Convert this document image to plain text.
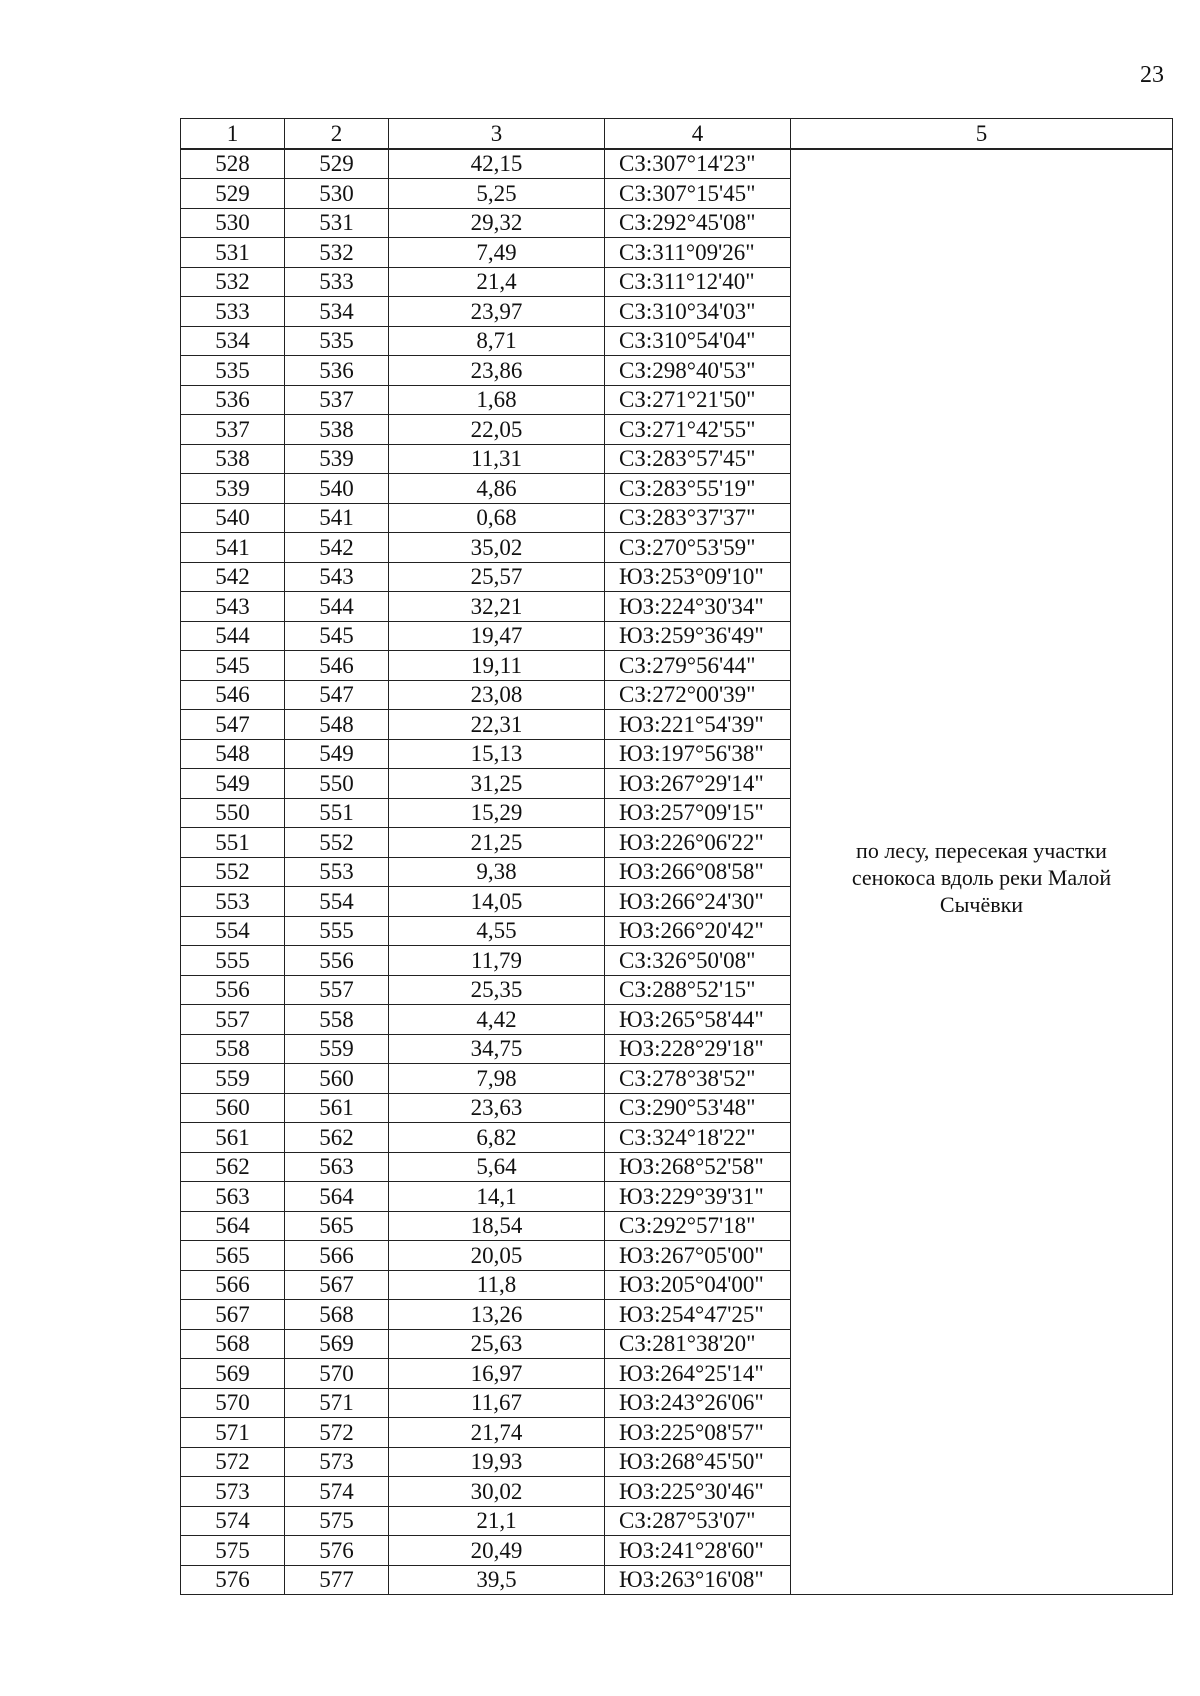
23
1	2	3	4	5
528	529	42,15	СЗ:307°14'23"	по лесу, пересекая участки
сенокоса вдоль реки Малой
Сычёвки

529	530	5,25	СЗ:307°15'45"	
530	531	29,32	СЗ:292°45'08"	
531	532	7,49	СЗ:311°09'26"	
532	533	21,4	СЗ:311°12'40"	
533	534	23,97	СЗ:310°34'03"	
534	535	8,71	СЗ:310°54'04"	
535	536	23,86	СЗ:298°40'53"	
536	537	1,68	СЗ:271°21'50"	
537	538	22,05	СЗ:271°42'55"	
538	539	11,31	СЗ:283°57'45"	
539	540	4,86	СЗ:283°55'19"	
540	541	0,68	СЗ:283°37'37"	
541	542	35,02	СЗ:270°53'59"	
542	543	25,57	ЮЗ:253°09'10"	
543	544	32,21	ЮЗ:224°30'34"	
544	545	19,47	ЮЗ:259°36'49"	
545	546	19,11	СЗ:279°56'44"	
546	547	23,08	СЗ:272°00'39"	
547	548	22,31	ЮЗ:221°54'39"	
548	549	15,13	ЮЗ:197°56'38"	
549	550	31,25	ЮЗ:267°29'14"	
550	551	15,29	ЮЗ:257°09'15"	
551	552	21,25	ЮЗ:226°06'22"	
552	553	9,38	ЮЗ:266°08'58"	
553	554	14,05	ЮЗ:266°24'30"	
554	555	4,55	ЮЗ:266°20'42"	
555	556	11,79	СЗ:326°50'08"	
556	557	25,35	СЗ:288°52'15"	
557	558	4,42	ЮЗ:265°58'44"	
558	559	34,75	ЮЗ:228°29'18"	
559	560	7,98	СЗ:278°38'52"	
560	561	23,63	СЗ:290°53'48"	
561	562	6,82	СЗ:324°18'22"	
562	563	5,64	ЮЗ:268°52'58"	
563	564	14,1	ЮЗ:229°39'31"	
564	565	18,54	СЗ:292°57'18"	
565	566	20,05	ЮЗ:267°05'00"	
566	567	11,8	ЮЗ:205°04'00"	
567	568	13,26	ЮЗ:254°47'25"	
568	569	25,63	СЗ:281°38'20"	
569	570	16,97	ЮЗ:264°25'14"	
570	571	11,67	ЮЗ:243°26'06"	
571	572	21,74	ЮЗ:225°08'57"	
572	573	19,93	ЮЗ:268°45'50"	
573	574	30,02	ЮЗ:225°30'46"	
574	575	21,1	СЗ:287°53'07"	
575	576	20,49	ЮЗ:241°28'60"	
576	577	39,5	ЮЗ:263°16'08"	
